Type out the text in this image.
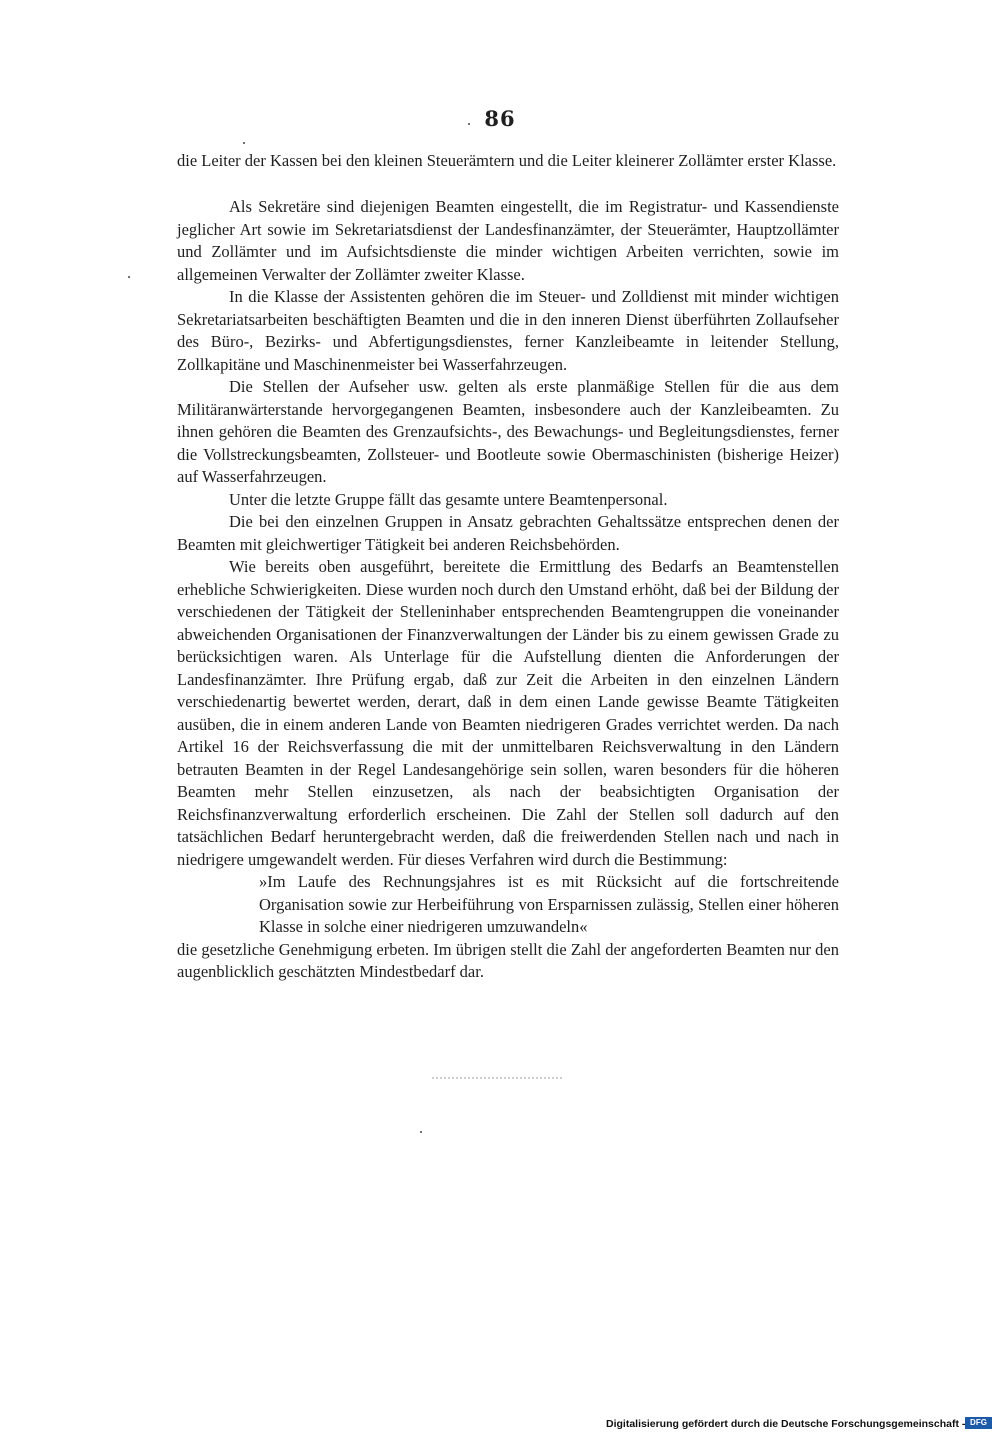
86

die Leiter der Kassen bei den kleinen Steuerämtern und die Leiter kleinerer Zollämter erster Klasse.

Als Sekretäre sind diejenigen Beamten eingestellt, die im Registratur- und Kassendienste jeglicher Art sowie im Sekretariatsdienst der Landesfinanzämter, der Steuerämter, Hauptzollämter und Zollämter und im Aufsichtsdienste die minder wichtigen Arbeiten verrichten, sowie im allgemeinen Verwalter der Zollämter zweiter Klasse.

In die Klasse der Assistenten gehören die im Steuer- und Zolldienst mit minder wichtigen Sekretariatsarbeiten beschäftigten Beamten und die in den inneren Dienst überführten Zollaufseher des Büro-, Bezirks- und Abfertigungsdienstes, ferner Kanzleibeamte in leitender Stellung, Zollkapitäne und Maschinenmeister bei Wasserfahrzeugen.

Die Stellen der Aufseher usw. gelten als erste planmäßige Stellen für die aus dem Militäranwärterstande hervorgegangenen Beamten, insbesondere auch der Kanzleibeamten. Zu ihnen gehören die Beamten des Grenzaufsichts-, des Bewachungs- und Begleitungsdienstes, ferner die Vollstreckungsbeamten, Zollsteuer- und Bootleute sowie Obermaschinisten (bisherige Heizer) auf Wasserfahrzeugen.

Unter die letzte Gruppe fällt das gesamte untere Beamtenpersonal.

Die bei den einzelnen Gruppen in Ansatz gebrachten Gehaltssätze entsprechen denen der Beamten mit gleichwertiger Tätigkeit bei anderen Reichsbehörden.

Wie bereits oben ausgeführt, bereitete die Ermittlung des Bedarfs an Beamtenstellen erhebliche Schwierigkeiten. Diese wurden noch durch den Umstand erhöht, daß bei der Bildung der verschiedenen der Tätigkeit der Stelleninhaber entsprechenden Beamtengruppen die voneinander abweichenden Organisationen der Finanzverwaltungen der Länder bis zu einem gewissen Grade zu berücksichtigen waren. Als Unterlage für die Aufstellung dienten die Anforderungen der Landesfinanzämter. Ihre Prüfung ergab, daß zur Zeit die Arbeiten in den einzelnen Ländern verschiedenartig bewertet werden, derart, daß in dem einen Lande gewisse Beamte Tätigkeiten ausüben, die in einem anderen Lande von Beamten niedrigeren Grades verrichtet werden. Da nach Artikel 16 der Reichsverfassung die mit der unmittelbaren Reichsverwaltung in den Ländern betrauten Beamten in der Regel Landesangehörige sein sollen, waren besonders für die höheren Beamten mehr Stellen einzusetzen, als nach der beabsichtigten Organisation der Reichsfinanzverwaltung erforderlich erscheinen. Die Zahl der Stellen soll dadurch auf den tatsächlichen Bedarf heruntergebracht werden, daß die freiwerdenden Stellen nach und nach in niedrigere umgewandelt werden. Für dieses Verfahren wird durch die Bestimmung:

»Im Laufe des Rechnungsjahres ist es mit Rücksicht auf die fortschreitende Organisation sowie zur Herbeiführung von Ersparnissen zulässig, Stellen einer höheren Klasse in solche einer niedrigeren umzuwandeln«

die gesetzliche Genehmigung erbeten. Im übrigen stellt die Zahl der angeforderten Beamten nur den augenblicklich geschätzten Mindestbedarf dar.

Digitalisierung gefördert durch die Deutsche Forschungsgemeinschaft - DFG
